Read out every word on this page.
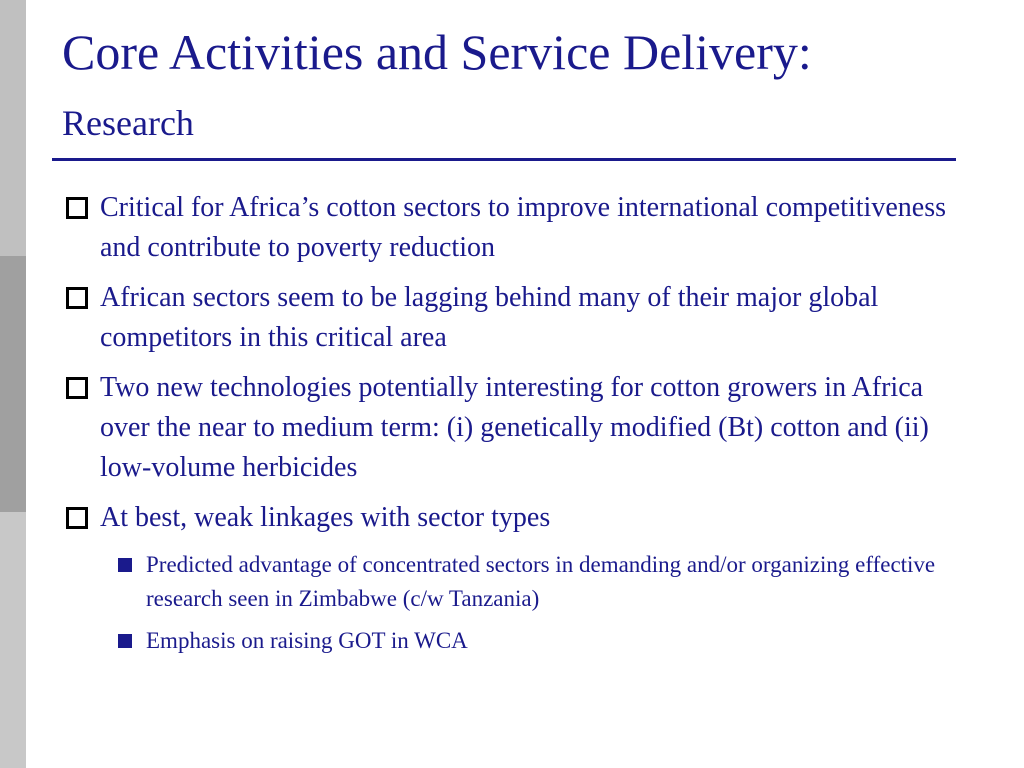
Core Activities and Service Delivery:
Research
Critical for Africa’s cotton sectors to improve international competitiveness and contribute to poverty reduction
African sectors seem to be lagging behind many of their major global competitors in this critical area
Two new technologies potentially interesting for cotton growers in Africa over the near to medium term: (i) genetically modified (Bt) cotton and (ii) low-volume herbicides
At best, weak linkages with sector types
Predicted advantage of concentrated sectors in demanding and/or organizing effective research seen in Zimbabwe (c/w Tanzania)
Emphasis on raising GOT in WCA
